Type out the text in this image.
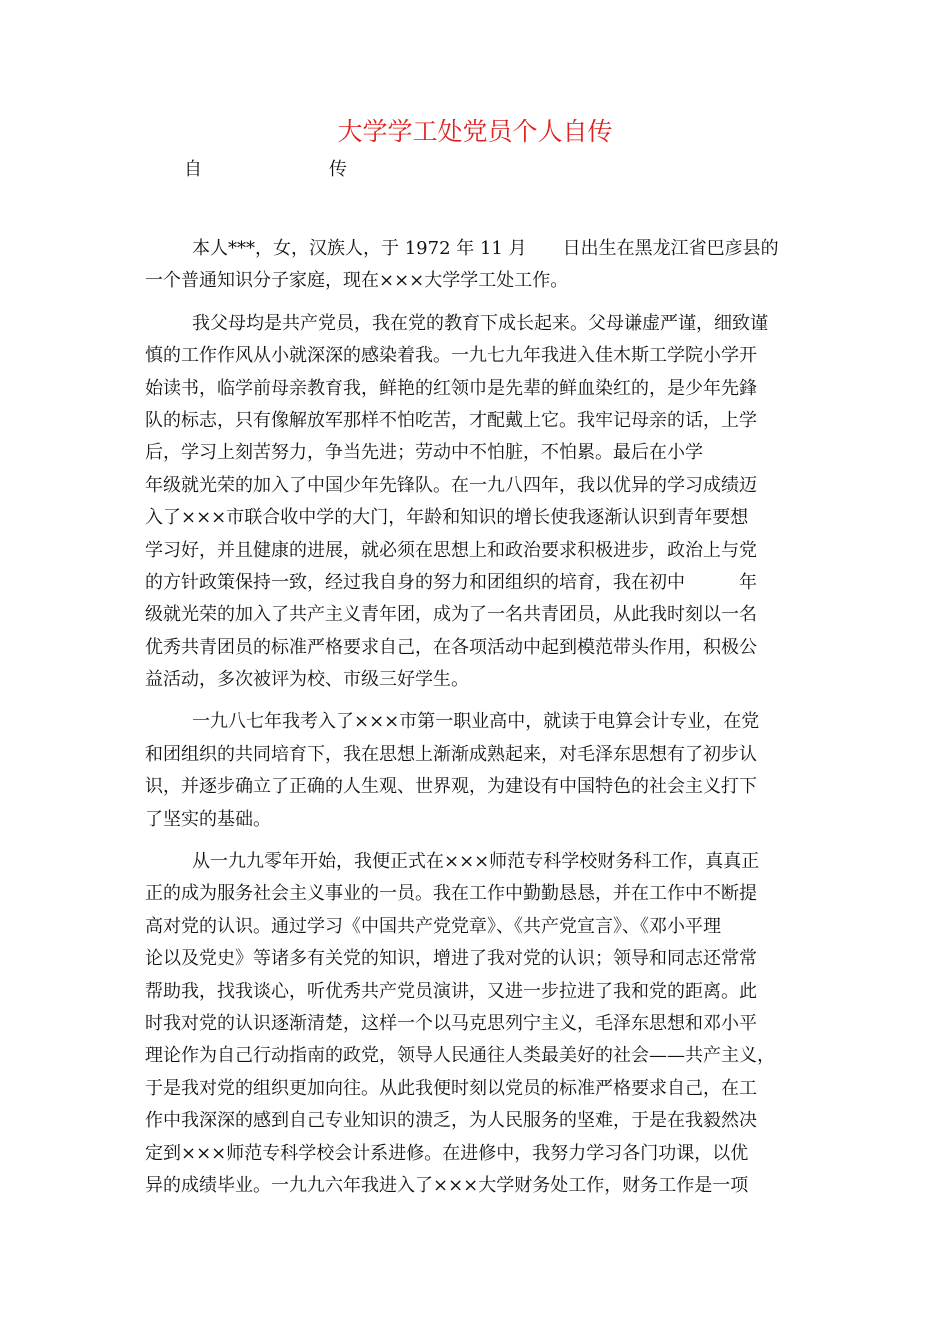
大学学工处党员个人自传
自	传
本人***，女，汉族人，于 1972 年 11 月　　日出生在黑龙江省巴彦县的
一个普通知识分子家庭，现在×××大学学工处工作。
我父母均是共产党员，我在党的教育下成长起来。父母谦虚严谨，细致谨
慎的工作作风从小就深深的感染着我。一九七九年我进入佳木斯工学院小学开
始读书，临学前母亲教育我，鲜艳的红领巾是先辈的鲜血染红的，是少年先鋒
队的标志，只有像解放军那样不怕吃苦，才配戴上它。我牢记母亲的话，上学
后，学习上刻苦努力，争当先进；劳动中不怕脏，不怕累。最后在小学
年级就光荣的加入了中国少年先锋队。在一九八四年，我以优异的学习成绩迈
入了×××市联合收中学的大门，年龄和知识的增长使我逐渐认识到青年要想
学习好，并且健康的进展，就必须在思想上和政治要求积极进步，政治上与党
的方针政策保持一致，经过我自身的努力和团组织的培育，我在初中　　　年
级就光荣的加入了共产主义青年团，成为了一名共青团员，从此我时刻以一名
优秀共青团员的标准严格要求自己，在各项活动中起到模范带头作用，积极公
益活动，多次被评为校、市级三好学生。
一九八七年我考入了×××市第一职业高中，就读于电算会计专业，在党
和团组织的共同培育下，我在思想上渐渐成熟起来，对毛泽东思想有了初步认
识，并逐步确立了正确的人生观、世界观，为建设有中国特色的社会主义打下
了坚实的基础。
从一九九零年开始，我便正式在×××师范专科学校财务科工作，真真正
正的成为服务社会主义事业的一员。我在工作中勤勤恳恳，并在工作中不断提
高对党的认识。通过学习《中国共产党党章》、《共产党宣言》、《邓小平理
论以及党史》等诸多有关党的知识，增进了我对党的认识；领导和同志还常常
帮助我，找我谈心，听优秀共产党员演讲，又进一步拉进了我和党的距离。此
时我对党的认识逐渐清楚，这样一个以马克思列宁主义，毛泽东思想和邓小平
理论作为自己行动指南的政党，领导人民通往人类最美好的社会——共产主义，
于是我对党的组织更加向往。从此我便时刻以党员的标准严格要求自己，在工
作中我深深的感到自己专业知识的溃乏，为人民服务的坚难，于是在我毅然决
定到×××师范专科学校会计系进修。在进修中，我努力学习各门功课，以优
异的成绩毕业。一九九六年我进入了×××大学财务处工作，财务工作是一项
